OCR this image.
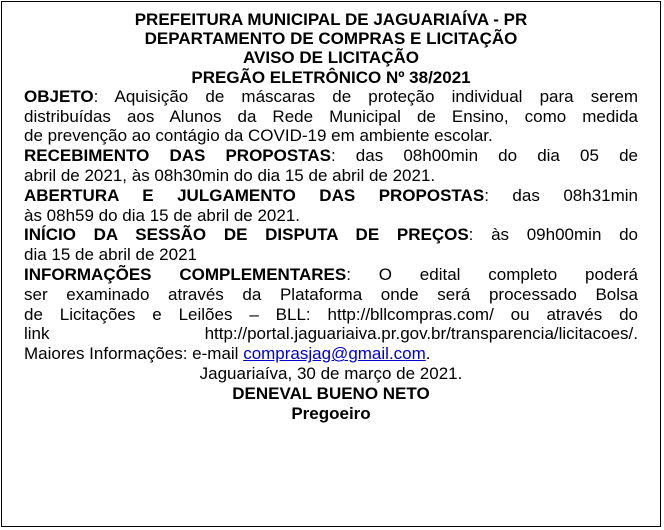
PREFEITURA MUNICIPAL DE JAGUARIAÍVA - PR
DEPARTAMENTO DE COMPRAS E LICITAÇÃO
AVISO DE LICITAÇÃO
PREGÃO ELETRÔNICO Nº 38/2021
OBJETO: Aquisição de máscaras de proteção individual para serem
distribuídas aos Alunos da Rede Municipal de Ensino, como medida
de prevenção ao contágio da COVID-19 em ambiente escolar.
RECEBIMENTO DAS PROPOSTAS: das 08h00min do dia 05 de
abril de 2021, às 08h30min do dia 15 de abril de 2021.
ABERTURA E JULGAMENTO DAS PROPOSTAS: das 08h31min
às 08h59 do dia 15 de abril de 2021.
INÍCIO DA SESSÃO DE DISPUTA DE PREÇOS: às 09h00min do
dia 15 de abril de 2021
INFORMAÇÕES COMPLEMENTARES: O edital completo poderá
ser examinado através da Plataforma onde será processado Bolsa
de Licitações e Leilões – BLL: http://bllcompras.com/ ou através do
link http://portal.jaguariaiva.pr.gov.br/transparencia/licitacoes/.
Maiores Informações: e-mail comprasjag@gmail.com.
Jaguariaíva, 30 de março de 2021.
DENEVAL BUENO NETO
Pregoeiro
